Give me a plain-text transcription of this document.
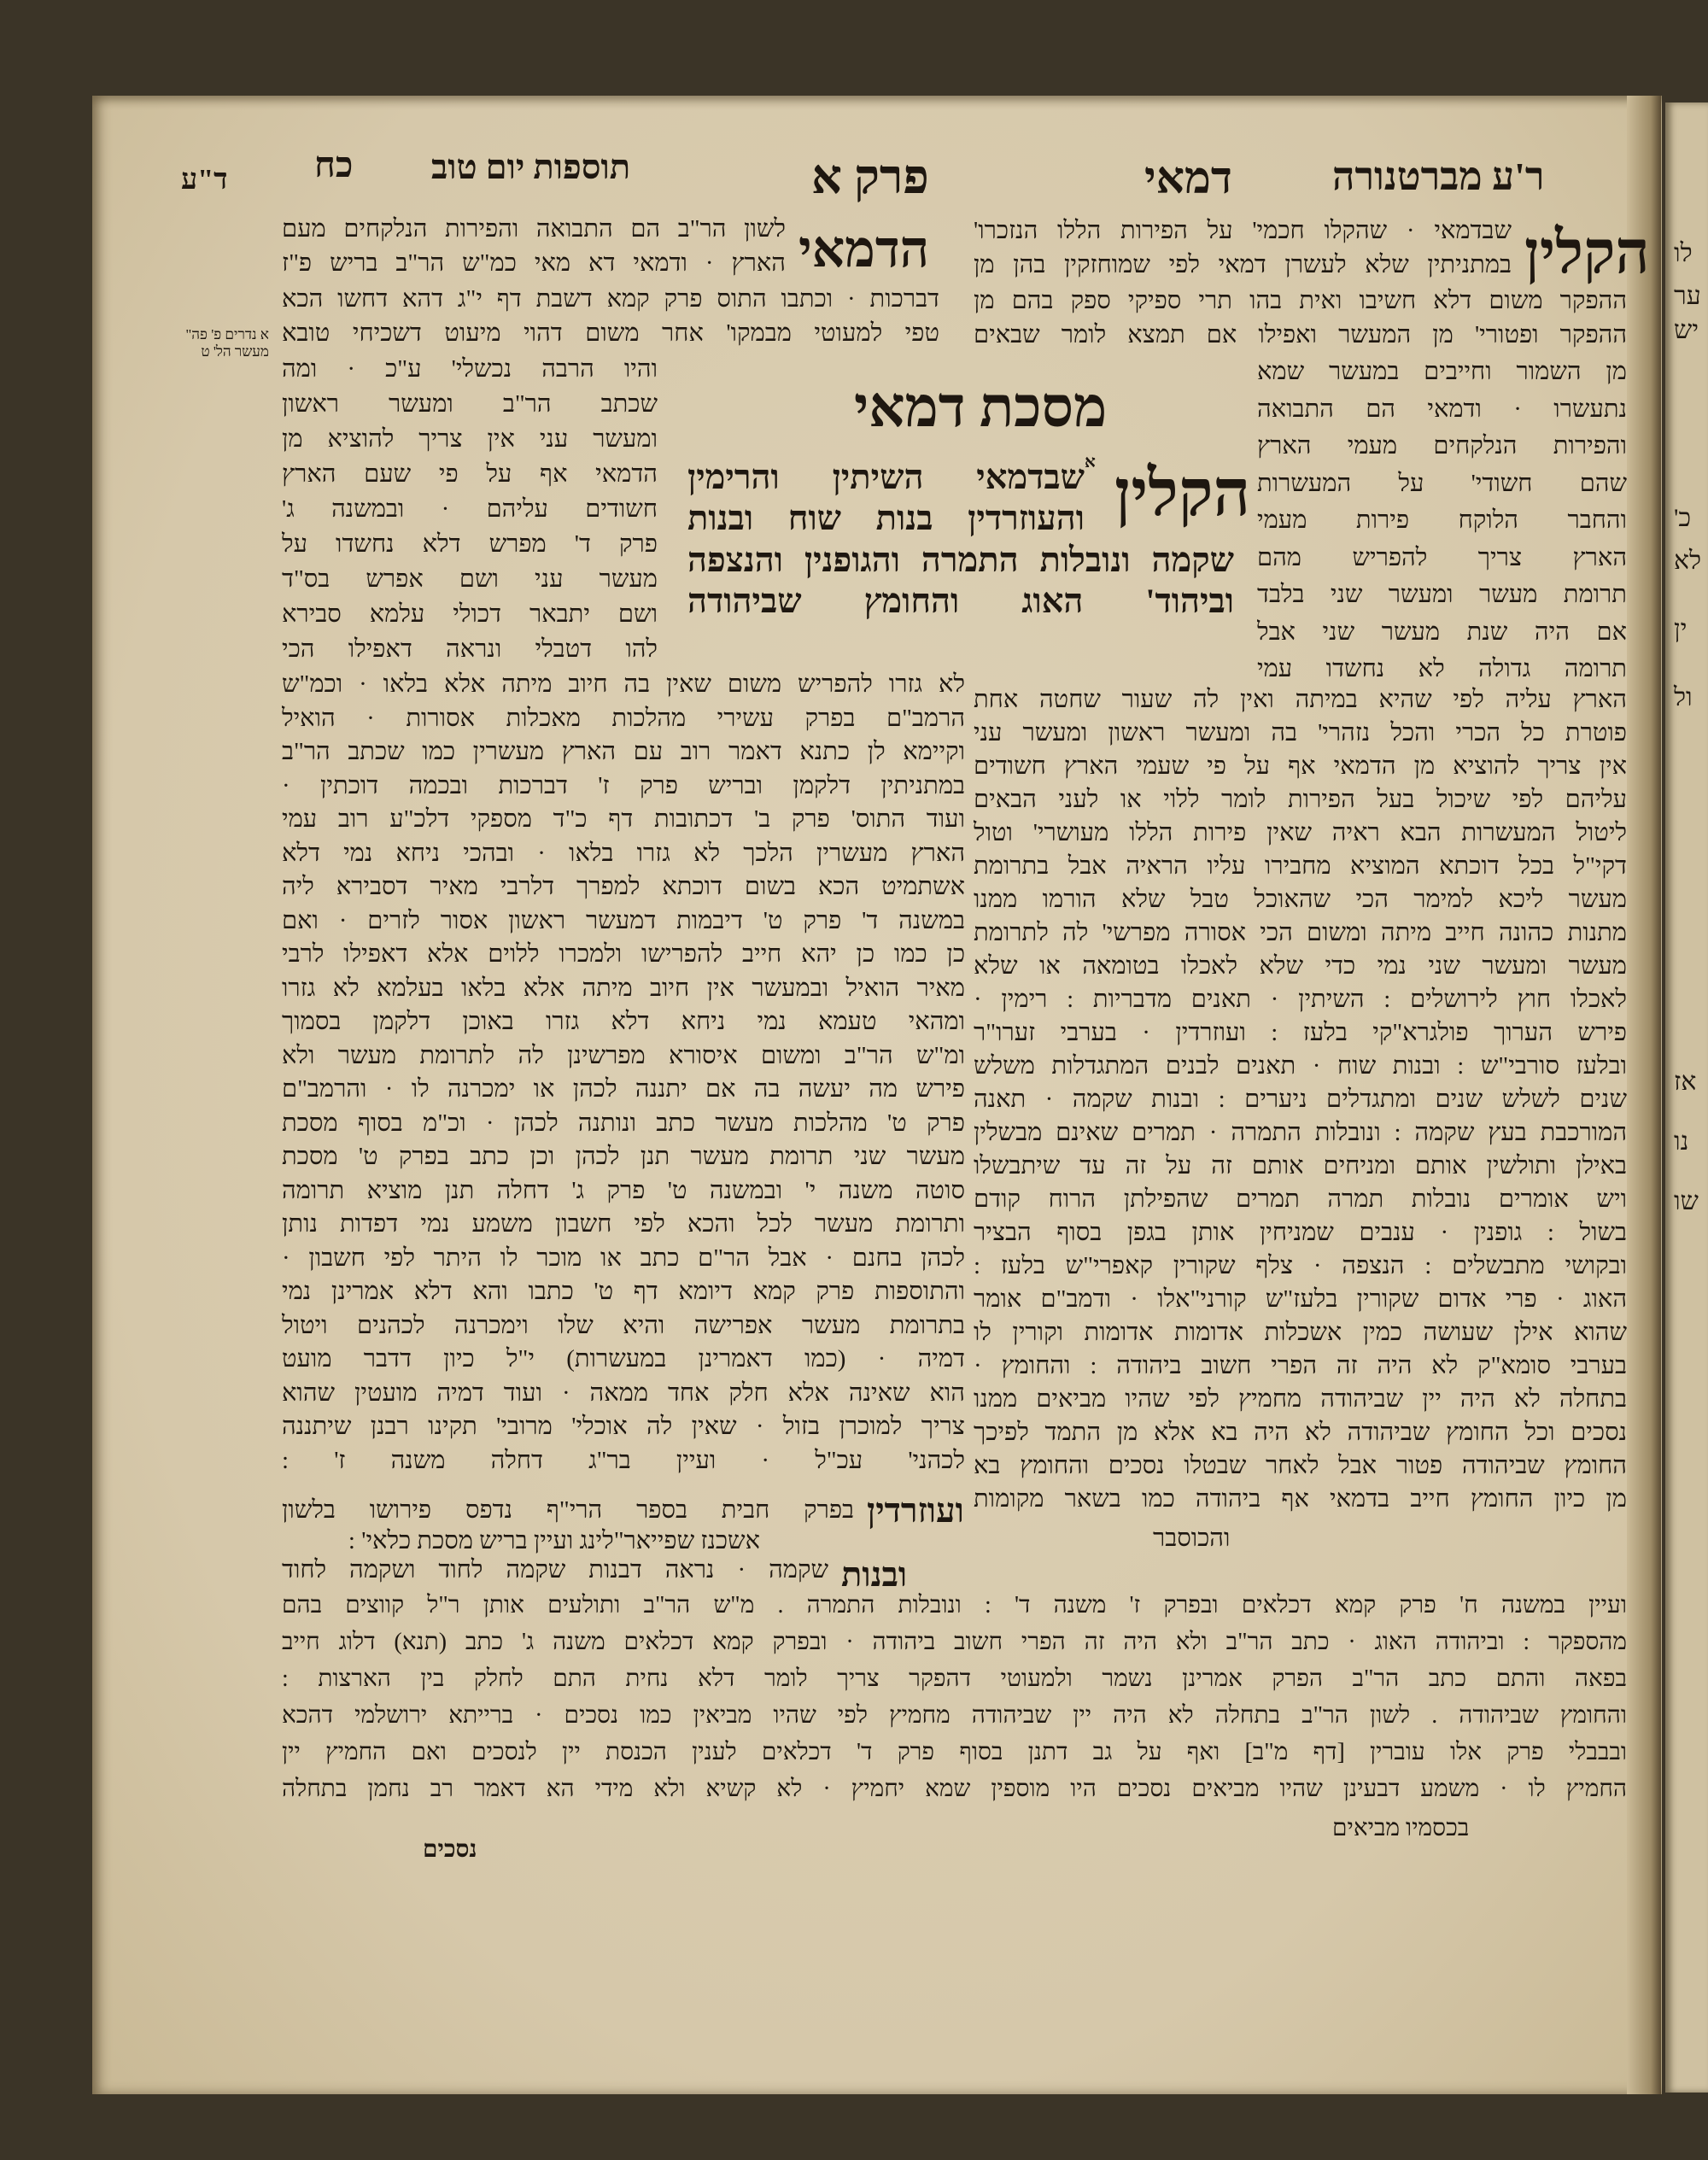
לו
ער
יש
כ'
לא
ין
ול
אז
נו
שו
ר'ע מברטנורה
דמאי
פרק א
תוספות יום טוב
כח
ד"ע
הקלין
שבדמאי · שהקלו חכמי' על הפירות הללו הנזכרו'
במתניתין שלא לעשרן דמאי לפי שמוחזקין בהן מן
ההפקר משום דלא חשיבו ואית בהו תרי ספיקי ספק בהם מן
ההפקר ופטורי' מן המעשר ואפילו אם תמצא לומר שבאים
מן השמור וחייבים במעשר שמא
נתעשרו · ודמאי הם התבואה
והפירות הנלקחים מעמי הארץ
שהם חשודי' על המעשרות
והחבר הלוקח פירות מעמי
הארץ צריך להפריש מהם
תרומת מעשר ומעשר שני בלבד
אם היה שנת מעשר שני אבל
תרומה גדולה לא נחשדו עמי
הארץ עליה לפי שהיא במיתה ואין לה שעור שחטה אחת
פוטרת כל הכרי והכל נזהרי' בה ומעשר ראשון ומעשר עני
אין צריך להוציא מן הדמאי אף על פי שעמי הארץ חשודים
עליהם לפי שיכול בעל הפירות לומר ללוי או לעני הבאים
ליטול המעשרות הבא ראיה שאין פירות הללו מעושרי' וטול
דקי"ל בכל דוכתא המוציא מחבירו עליו הראיה אבל בתרומת
מעשר ליכא למימר הכי שהאוכל טבל שלא הורמו ממנו
מתנות כהונה חייב מיתה ומשום הכי אסורה מפרשי' לה לתרומת
מעשר ומעשר שני נמי כדי שלא לאכלו בטומאה או שלא
לאכלו חוץ לירושלים : השיתין · תאנים מדבריות : רימין ·
פירש הערוך פולגרא"קי בלעז : ועוזרדין · בערבי זערו"ר
ובלעז סורבי"ש : ובנות שוח · תאנים לבנים המתגדלות משלש
שנים לשלש שנים ומתגדלים ניערים : ובנות שקמה · תאנה
המורכבת בעץ שקמה : ונובלות התמרה · תמרים שאינם מבשלין
באילן ותולשין אותם ומניחים אותם זה על זה עד שיתבשלו
ויש אומרים נובלות תמרה תמרים שהפילתן הרוח קודם
בשול : גופנין · ענבים שמניחין אותן בגפן בסוף הבציר
ובקושי מתבשלים : הנצפה · צלף שקורין קאפרי"ש בלעז :
האוג · פרי אדום שקורין בלעז"ש קורני"אלו · ודמב"ם אומר
שהוא אילן שעושה כמין אשכלות אדומות אדומות וקורין לו
בערבי סומא"ק לא היה זה הפרי חשוב ביהודה : והחומץ ·
בתחלה לא היה יין שביהודה מחמיץ לפי שהיו מביאים ממנו
נסכים וכל החומץ שביהודה לא היה בא אלא מן התמד לפיכך
החומץ שביהודה פטור אבל לאחר שבטלו נסכים והחומץ בא
מן כיון החומץ חייב בדמאי אף ביהודה כמו בשאר מקומות
והכוסבר
מסכת דמאי
הקלין
א
שבדמאי השיתין והרימין
והעוזרדין בנות שוח ובנות
שקמה ונובלות התמרה והגופנין והנצפה
וביהוד' האוג והחומץ שביהודה
הדמאי
לשון הר"ב הם התבואה והפירות הנלקחים מעם
הארץ · ודמאי דא מאי כמ"ש הר"ב בריש פ"ז
דברכות · וכתבו התוס פרק קמא דשבת דף י"ג דהא דחשו הכא
טפי למעוטי מבמקו' אחר משום דהוי מיעוט דשכיחי טובא
א נדרים פ' פה" מעשר הל' ט
והיו הרבה נכשלי' ע"כ · ומה
שכתב הר"ב ומעשר ראשון
ומעשר עני אין צריך להוציא מן
הדמאי אף על פי שעם הארץ
חשודים עליהם · ובמשנה ג'
פרק ד' מפרש דלא נחשדו על
מעשר עני ושם אפרש בס"ד
ושם יתבאר דכולי עלמא סבירא
להו דטבלי ונראה דאפילו הכי
לא גזרו להפריש משום שאין בה חיוב מיתה אלא בלאו · וכמ"ש
הרמב"ם בפרק עשירי מהלכות מאכלות אסורות · הואיל
וקיימא לן כתנא דאמר רוב עם הארץ מעשרין כמו שכתב הר"ב
במתניתין דלקמן ובריש פרק ז' דברכות ובכמה דוכתין ·
ועוד התוס' פרק ב' דכתובות דף כ"ד מספקי דלכ"ע רוב עמי
הארץ מעשרין הלכך לא גזרו בלאו · ובהכי ניחא נמי דלא
אשתמיט הכא בשום דוכתא למפרך דלרבי מאיר דסבירא ליה
במשנה ד' פרק ט' דיבמות דמעשר ראשון אסור לזרים · ואם
כן כמו כן יהא חייב להפרישו ולמכרו ללוים אלא דאפילו לרבי
מאיר הואיל ובמעשר אין חיוב מיתה אלא בלאו בעלמא לא גזרו
ומהאי טעמא נמי ניחא דלא גזרו באוכן דלקמן בסמוך
ומ"ש הר"ב ומשום איסורא מפרשינן לה לתרומת מעשר ולא
פירש מה יעשה בה אם יתננה לכהן או ימכרנה לו · והרמב"ם
פרק ט' מהלכות מעשר כתב ונותנה לכהן · וכ"מ בסוף מסכת
מעשר שני תרומת מעשר תנן לכהן וכן כתב בפרק ט' מסכת
סוטה משנה י' ובמשנה ט' פרק ג' דחלה תנן מוציא תרומה
ותרומת מעשר לכל והכא לפי חשבון משמע נמי דפדות נותן
לכהן בחנם · אבל הר"ם כתב או מוכר לו היתר לפי חשבון ·
והתוספות פרק קמא דיומא דף ט' כתבו והא דלא אמרינן נמי
בתרומת מעשר אפרישה והיא שלו וימכרנה לכהנים ויטול
דמיה · (כמו דאמרינן במעשרות) י"ל כיון דדבר מועט
הוא שאינה אלא חלק אחד ממאה · ועוד דמיה מועטין שהוא
צריך למוכרן בזול · שאין לה אוכלי' מרובי' תקינו רבנן שיתננה
לכהני' עכ"ל · ועיין בר"ג דחלה משנה ז' :
ועוזרדין
בפרק חבית בספר הרי"ף נדפס פירושו בלשון
אשכנז שפייאר"לינג ועיין בריש מסכת כלאי' :
ובנות
שקמה · נראה דבנות שקמה לחוד ושקמה לחוד
ועיין במשנה ח' פרק קמא דכלאים ובפרק ז' משנה ד' : ונובלות התמרה . מ"ש הר"ב ותולעים אותן ר"ל קווצים בהם
מהספקר : וביהודה האוג · כתב הר"ב ולא היה זה הפרי חשוב ביהודה · ובפרק קמא דכלאים משנה ג' כתב (תנא) דלוג חייב
בפאה והתם כתב הר"ב הפרק אמרינן נשמר ולמעוטי דהפקר צריך לומר דלא נחית התם לחלק בין הארצות :
והחומץ שביהודה . לשון הר"ב בתחלה לא היה יין שביהודה מחמיץ לפי שהיו מביאין כמו נסכים · ברייתא ירושלמי דהכא
ובבבלי פרק אלו עוברין [דף מ"ב] ואף על גב דתנן בסוף פרק ד' דכלאים לענין הכנסת יין לנסכים ואם החמיץ יין
החמיץ לו · משמע דבעינן שהיו מביאים נסכים היו מוספין שמא יחמיץ · לא קשיא ולא מידי הא דאמר רב נחמן בתחלה
בכסמיו מביאים
נסכים
